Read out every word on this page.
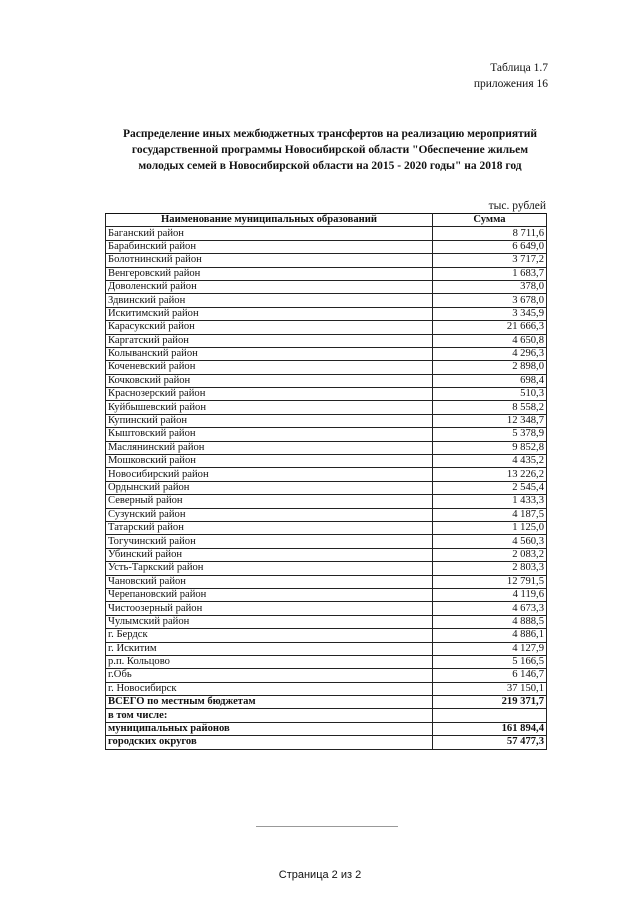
Таблица 1.7
приложения 16
Распределение иных межбюджетных трансфертов на реализацию мероприятий
государственной программы Новосибирской области "Обеспечение жильем
молодых семей в Новосибирской области на 2015 - 2020 годы" на 2018 год
тыс. рублей
Наименование муниципальных образований	Сумма
Баганский район	8 711,6
Барабинский район	6 649,0
Болотнинский район	3 717,2
Венгеровский район	1 683,7
Доволенский район	378,0
Здвинский район	3 678,0
Искитимский район	3 345,9
Карасукский район	21 666,3
Каргатский район	4 650,8
Колыванский район	4 296,3
Коченевский район	2 898,0
Кочковский район	698,4
Краснозерский район	510,3
Куйбышевский район	8 558,2
Купинский район	12 348,7
Кыштовский район	5 378,9
Маслянинский район	9 852,8
Мошковский район	4 435,2
Новосибирский район	13 226,2
Ордынский район	2 545,4
Северный район	1 433,3
Сузунский район	4 187,5
Татарский район	1 125,0
Тогучинский район	4 560,3
Убинский район	2 083,2
Усть-Таркский район	2 803,3
Чановский район	12 791,5
Черепановский район	4 119,6
Чистоозерный район	4 673,3
Чулымский район	4 888,5
г. Бердск	4 886,1
г. Искитим	4 127,9
р.п. Кольцово	5 166,5
г.Обь	6 146,7
г. Новосибирск	37 150,1
ВСЕГО по местным бюджетам	219 371,7
в том числе:	
муниципальных районов	161 894,4
городских округов	57 477,3
Страница 2 из 2
